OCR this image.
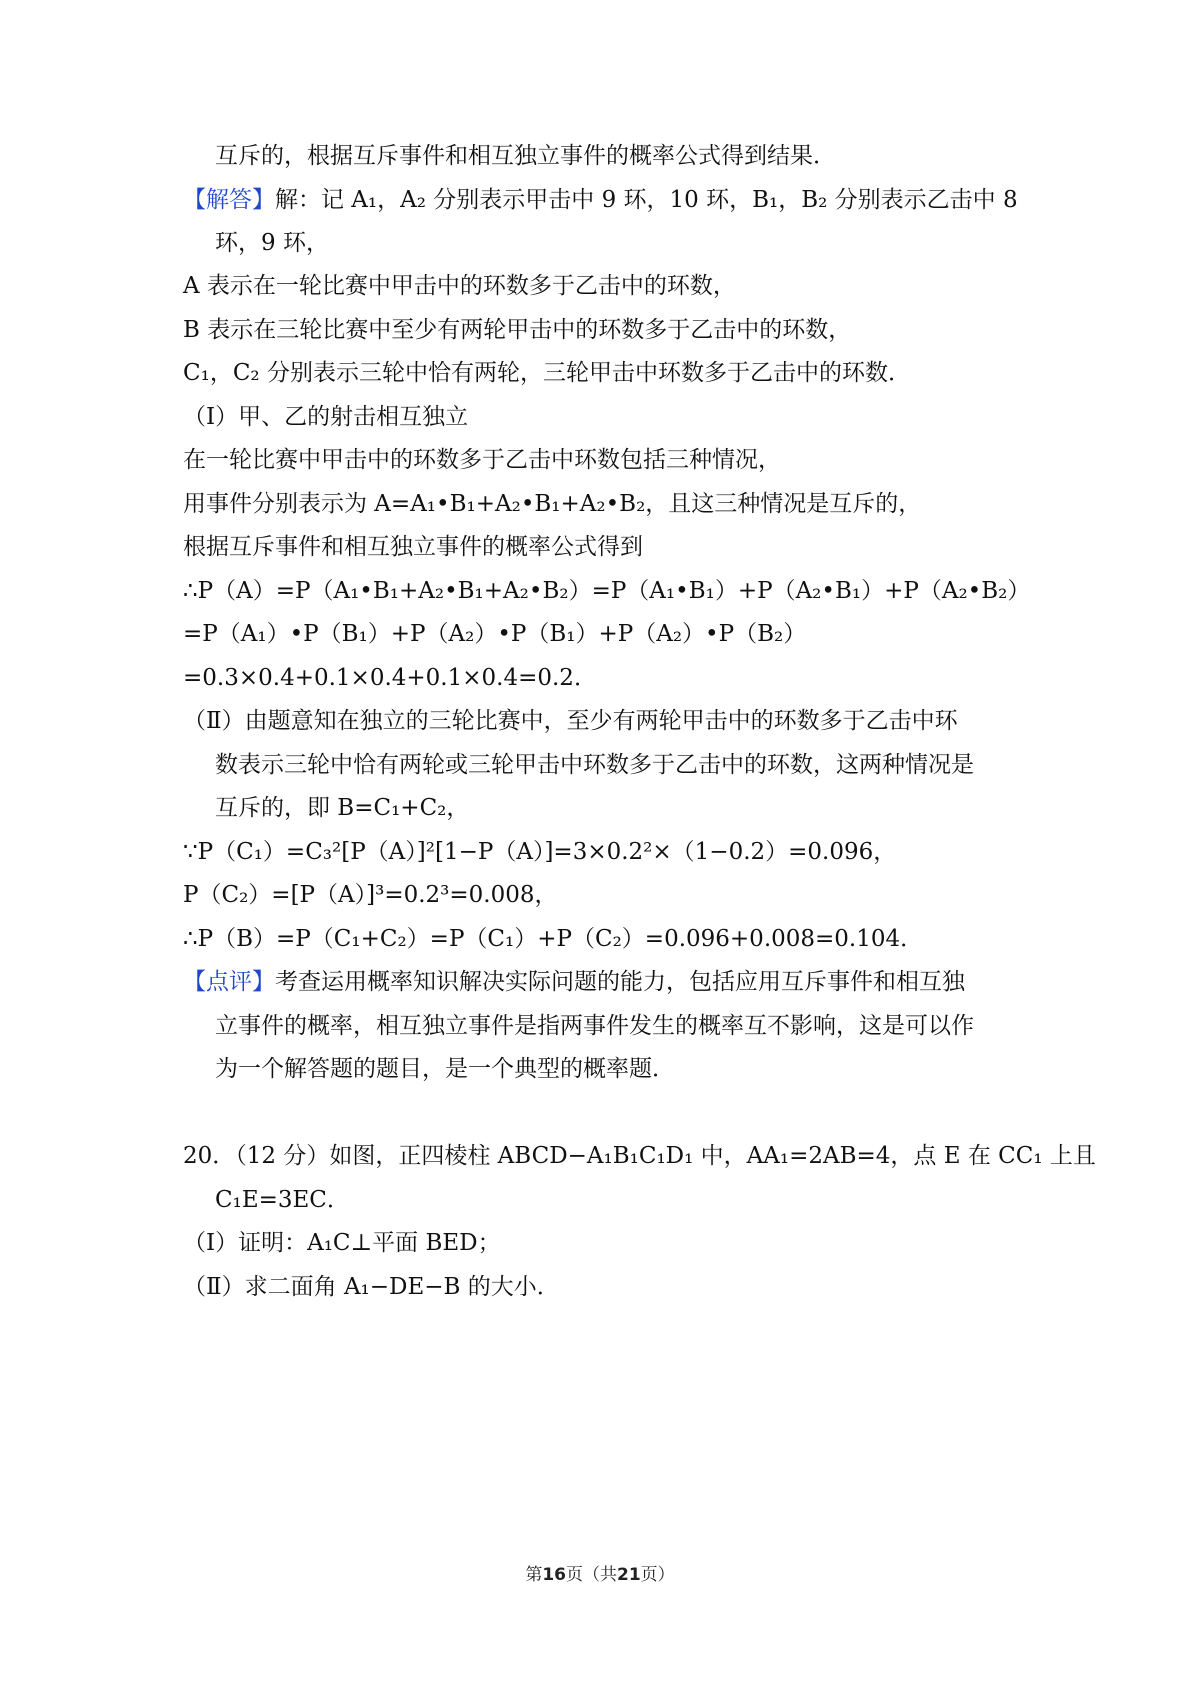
互斥的，根据互斥事件和相互独立事件的概率公式得到结果．
【解答】解：记 A₁，A₂ 分别表示甲击中 9 环，10 环，B₁，B₂ 分别表示乙击中 8
环，9 环，
A 表示在一轮比赛中甲击中的环数多于乙击中的环数，
B 表示在三轮比赛中至少有两轮甲击中的环数多于乙击中的环数，
C₁，C₂ 分别表示三轮中恰有两轮，三轮甲击中环数多于乙击中的环数．
（Ⅰ）甲、乙的射击相互独立
在一轮比赛中甲击中的环数多于乙击中环数包括三种情况，
用事件分别表示为 A=A₁•B₁+A₂•B₁+A₂•B₂，且这三种情况是互斥的，
根据互斥事件和相互独立事件的概率公式得到
∴P（A）=P（A₁•B₁+A₂•B₁+A₂•B₂）=P（A₁•B₁）+P（A₂•B₁）+P（A₂•B₂）
=P（A₁）•P（B₁）+P（A₂）•P（B₁）+P（A₂）•P（B₂）
=0.3×0.4+0.1×0.4+0.1×0.4=0.2．
（Ⅱ）由题意知在独立的三轮比赛中，至少有两轮甲击中的环数多于乙击中环
数表示三轮中恰有两轮或三轮甲击中环数多于乙击中的环数，这两种情况是
互斥的，即 B=C₁+C₂，
∵P（C₁）=C₃²[P（A）]²[1−P（A）]=3×0.2²×（1−0.2）=0.096，
P（C₂）=[P（A）]³=0.2³=0.008，
∴P（B）=P（C₁+C₂）=P（C₁）+P（C₂）=0.096+0.008=0.104．
【点评】考查运用概率知识解决实际问题的能力，包括应用互斥事件和相互独
立事件的概率，相互独立事件是指两事件发生的概率互不影响，这是可以作
为一个解答题的题目，是一个典型的概率题．
20．（12 分）如图，正四棱柱 ABCD−A₁B₁C₁D₁ 中，AA₁=2AB=4，点 E 在 CC₁ 上且
C₁E=3EC．
（Ⅰ）证明：A₁C⊥平面 BED；
（Ⅱ）求二面角 A₁−DE−B 的大小．
第16页（共21页）
